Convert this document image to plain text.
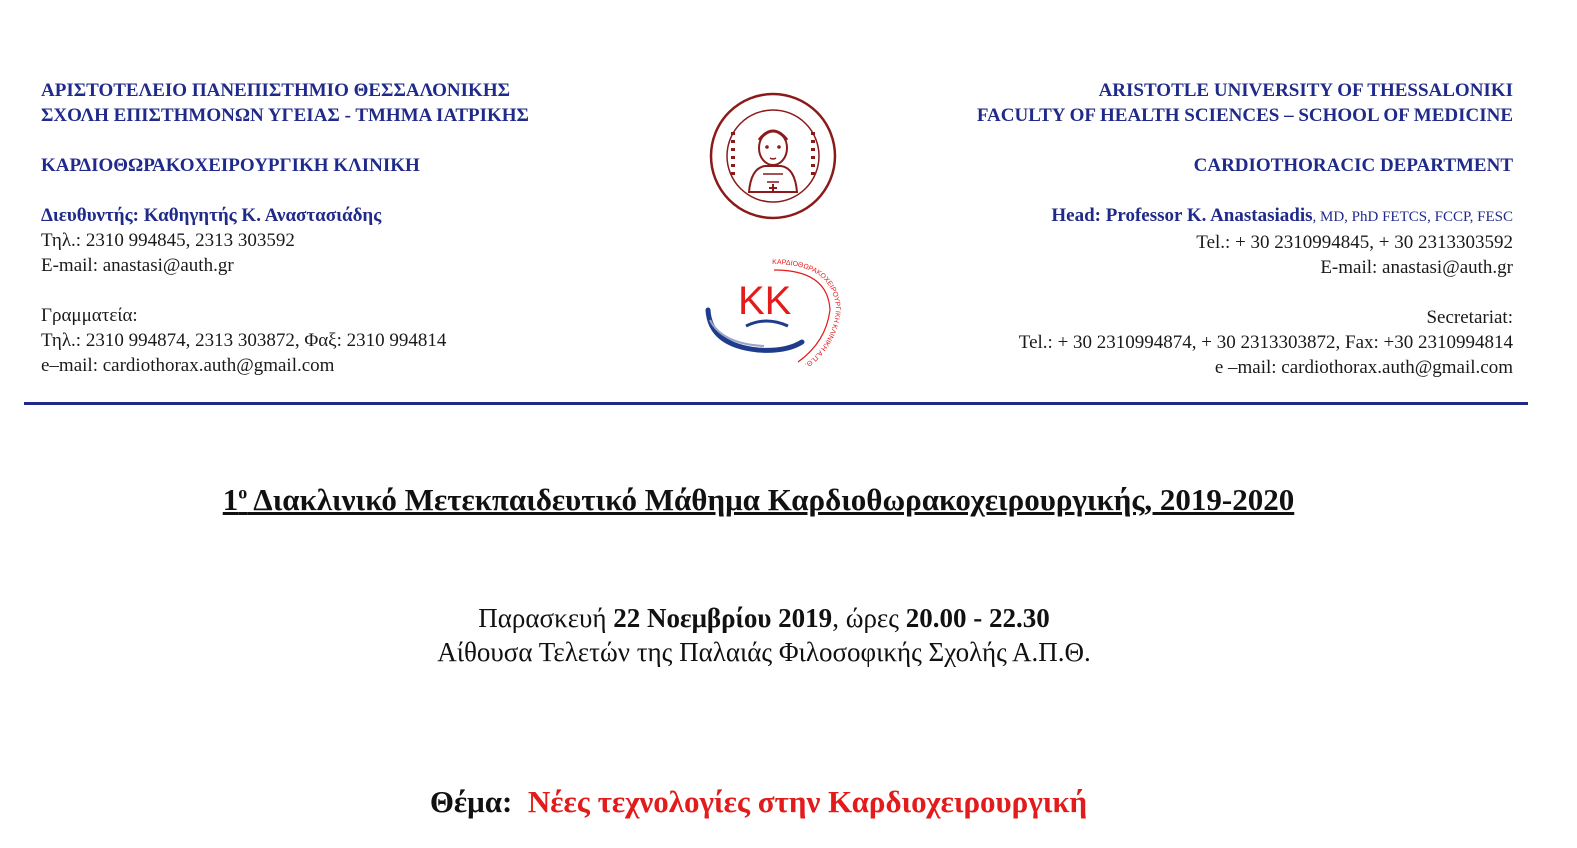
ΑΡΙΣΤΟΤΕΛΕΙΟ ΠΑΝΕΠΙΣΤΗΜΙΟ ΘΕΣΣΑΛΟΝΙΚΗΣ
ΣΧΟΛΗ ΕΠΙΣΤΗΜΟΝΩΝ ΥΓΕΙΑΣ - ΤΜΗΜΑ ΙΑΤΡΙΚΗΣ
ΚΑΡΔΙΟΘΩΡΑΚΟΧΕΙΡΟΥΡΓΙΚΗ ΚΛΙΝΙΚΗ
Διευθυντής: Καθηγητής Κ. Αναστασιάδης
Τηλ.: 2310 994845, 2313 303592
E-mail: anastasi@auth.gr
Γραμματεία:
Τηλ.: 2310 994874, 2313 303872, Φαξ: 2310 994814
e–mail: cardiothorax.auth@gmail.com
ARISTOTLE UNIVERSITY OF THESSALONIKI
FACULTY OF HEALTH SCIENCES – SCHOOL OF MEDICINE
CARDIOTHORACIC DEPARTMENT
Head: Professor K. Anastasiadis, MD, PhD FETCS, FCCP, FESC
Tel.: + 30 2310994845, + 30 2313303592
E-mail: anastasi@auth.gr
Secretariat:
Tel.: + 30 2310994874, + 30 2313303872, Fax: +30 2310994814
e –mail: cardiothorax.auth@gmail.com
ΚΚ
ΚΑΡΔΙΟΘΩΡΑΚΟΧΕΙΡΟΥΡΓΙΚΗ ΚΛΙΝΙΚΗ Α.Π.Θ.
$1^o$ Διακλινικό Μετεκπαιδευτικό Μάθημα Καρδιοθωρακοχειρουργικής, 2019-2020
Παρασκευή 22 Νοεμβρίου 2019, ώρες 20.00 - 22.30
Αίθουσα Τελετών της Παλαιάς Φιλοσοφικής Σχολής Α.Π.Θ.
Θέμα: Νέες τεχνολογίες στην Καρδιοχειρουργική
